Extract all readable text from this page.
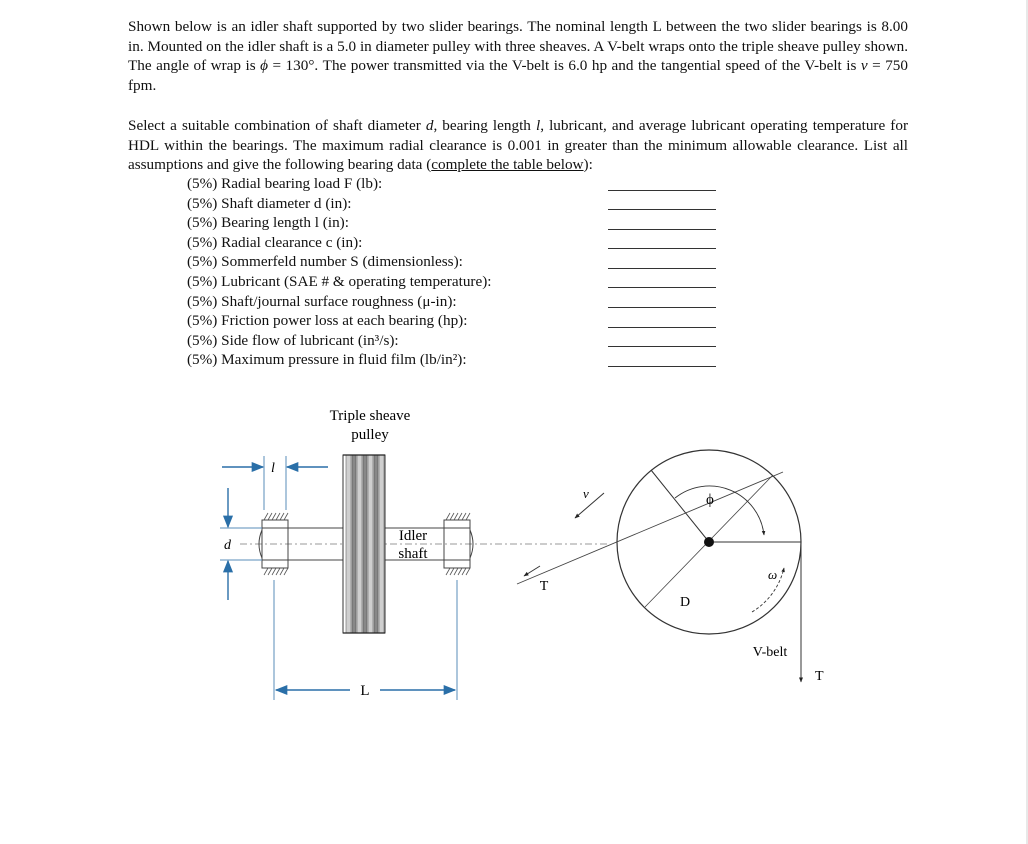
Shown below is an idler shaft supported by two slider bearings. The nominal length L between the two slider bearings is 8.00 in. Mounted on the idler shaft is a 5.0 in diameter pulley with three sheaves. A V-belt wraps onto the triple sheave pulley shown. The angle of wrap is ϕ = 130°. The power transmitted via the V-belt is 6.0 hp and the tangential speed of the V-belt is v = 750 fpm.
Select a suitable combination of shaft diameter d, bearing length l, lubricant, and average lubricant operating temperature for HDL within the bearings. The maximum radial clearance is 0.001 in greater than the minimum allowable clearance. List all assumptions and give the following bearing data (complete the table below):
(5%) Radial bearing load F (lb):
(5%) Shaft diameter d (in):
(5%) Bearing length l (in):
(5%) Radial clearance c (in):
(5%) Sommerfeld number S (dimensionless):
(5%) Lubricant (SAE # & operating temperature):
(5%) Shaft/journal surface roughness (μ-in):
(5%) Friction power loss at each bearing (hp):
(5%) Side flow of lubricant (in³/s):
(5%) Maximum pressure in fluid film (lb/in²):
Triple sheave
pulley
Idler
shaft
l
d
L
v
T
D
ϕ
T
V-belt
ω
